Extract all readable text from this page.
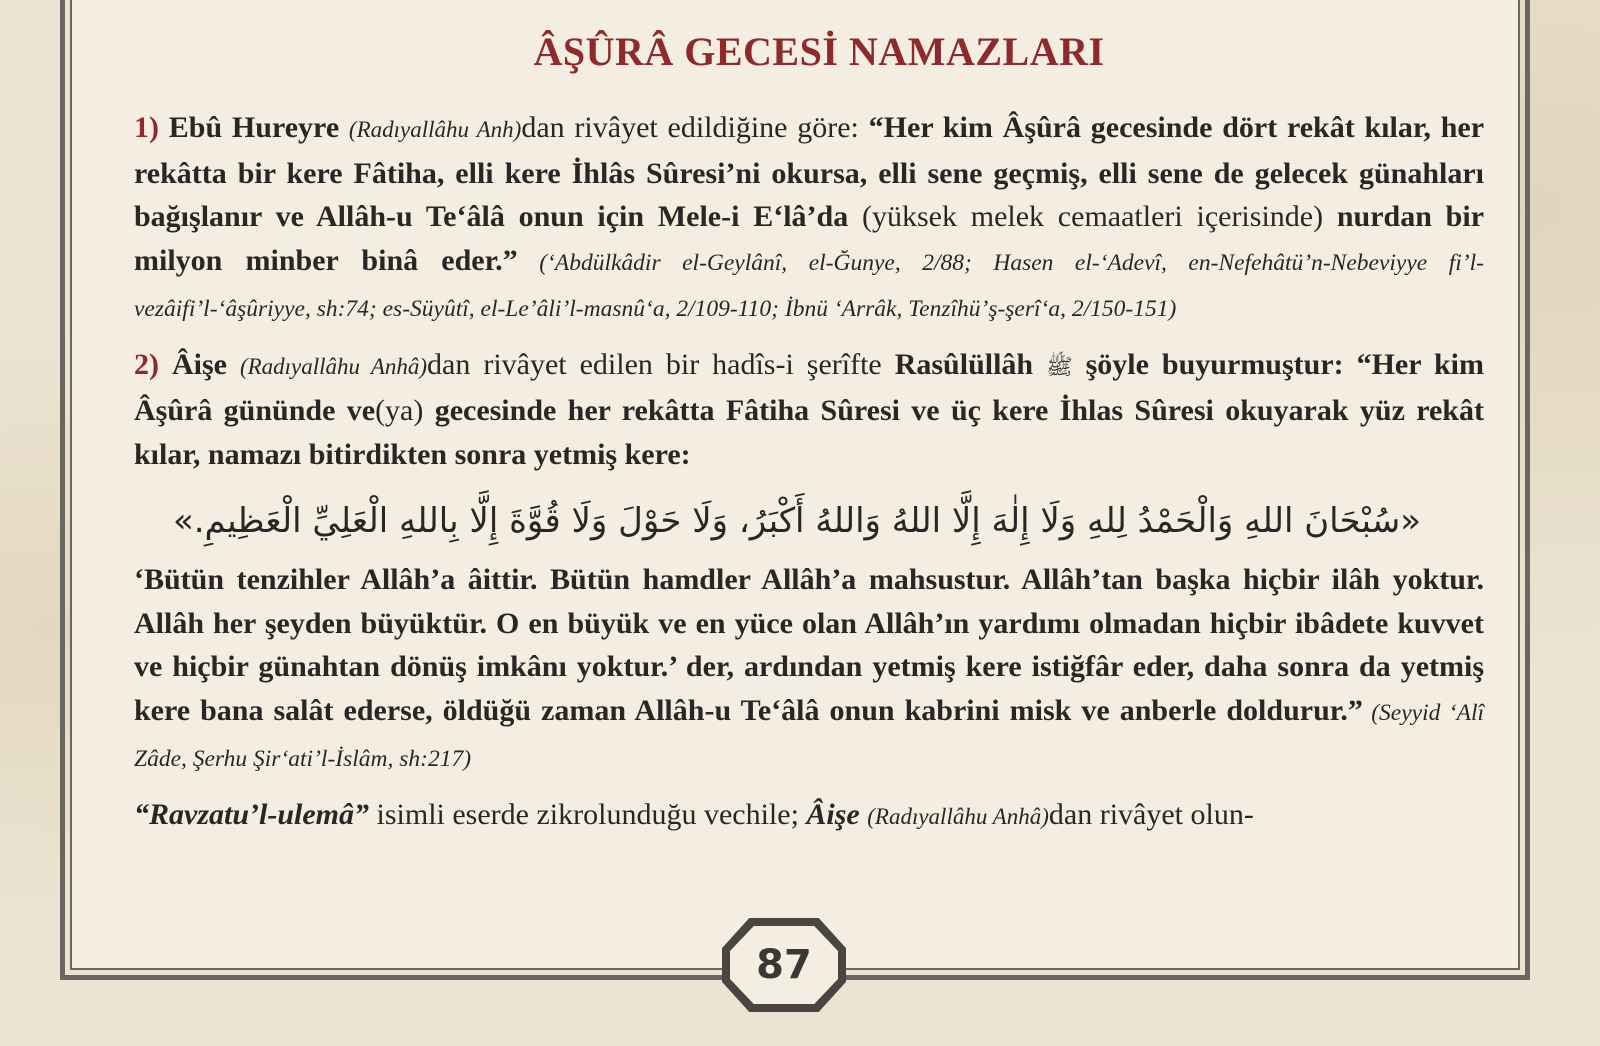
ÂŞÛRÂ GECESİ NAMAZLARI

1) Ebû Hureyre (Radıyallâhu Anh)dan rivâyet edildiğine göre: “Her kim Âşûrâ gecesinde dört rekât kılar, her rekâtta bir kere Fâtiha, elli kere İhlâs Sûresi’ni okursa, elli sene geçmiş, elli sene de gelecek günahları bağışlanır ve Allâh-u Te‘âlâ onun için Mele-i E‘lâ’da (yüksek melek cemaatleri içerisinde) nurdan bir milyon minber binâ eder.” (‘Abdülkâdir el-Geylânî, el-Ğunye, 2/88; Hasen el-‘Adevî, en-Nefehâtü’n-Nebeviyye fi’l-vezâifi’l-‘âşûriyye, sh:74; es-Süyûtî, el-Le’âli’l-masnû‘a, 2/109-110; İbnü ‘Arrâk, Tenzîhü’ş-şerî‘a, 2/150-151)

2) Âişe (Radıyallâhu Anhâ)dan rivâyet edilen bir hadîs-i şerîfte Rasûlüllâh ﷺ şöyle buyurmuştur: “Her kim Âşûrâ gününde ve(ya) gecesinde her rekâtta Fâtiha Sûresi ve üç kere İhlas Sûresi okuyarak yüz rekât kılar, namazı bitirdikten sonra yetmiş kere:

«سُبْحَانَ اللهِ وَالْحَمْدُ لِلهِ وَلَا إِلٰهَ إِلَّا اللهُ وَاللهُ أَكْبَرُ، وَلَا حَوْلَ وَلَا قُوَّةَ إِلَّا بِاللهِ الْعَلِيِّ الْعَظِيمِ.»

‘Bütün tenzihler Allâh’a âittir. Bütün hamdler Allâh’a mahsustur. Allâh’tan başka hiçbir ilâh yoktur. Allâh her şeyden büyüktür. O en büyük ve en yüce olan Allâh’ın yardımı olmadan hiçbir ibâdete kuvvet ve hiçbir günahtan dönüş imkânı yoktur.’ der, ardından yetmiş kere istiğfâr eder, daha sonra da yetmiş kere bana salât ederse, öldüğü zaman Allâh-u Te‘âlâ onun kabrini misk ve anberle doldurur.” (Seyyid ‘Alî Zâde, Şerhu Şir‘ati’l-İslâm, sh:217)

“Ravzatu’l-ulemâ” isimli eserde zikrolunduğu vechile; Âişe (Radıyallâhu Anhâ)dan rivâyet olun-

87
